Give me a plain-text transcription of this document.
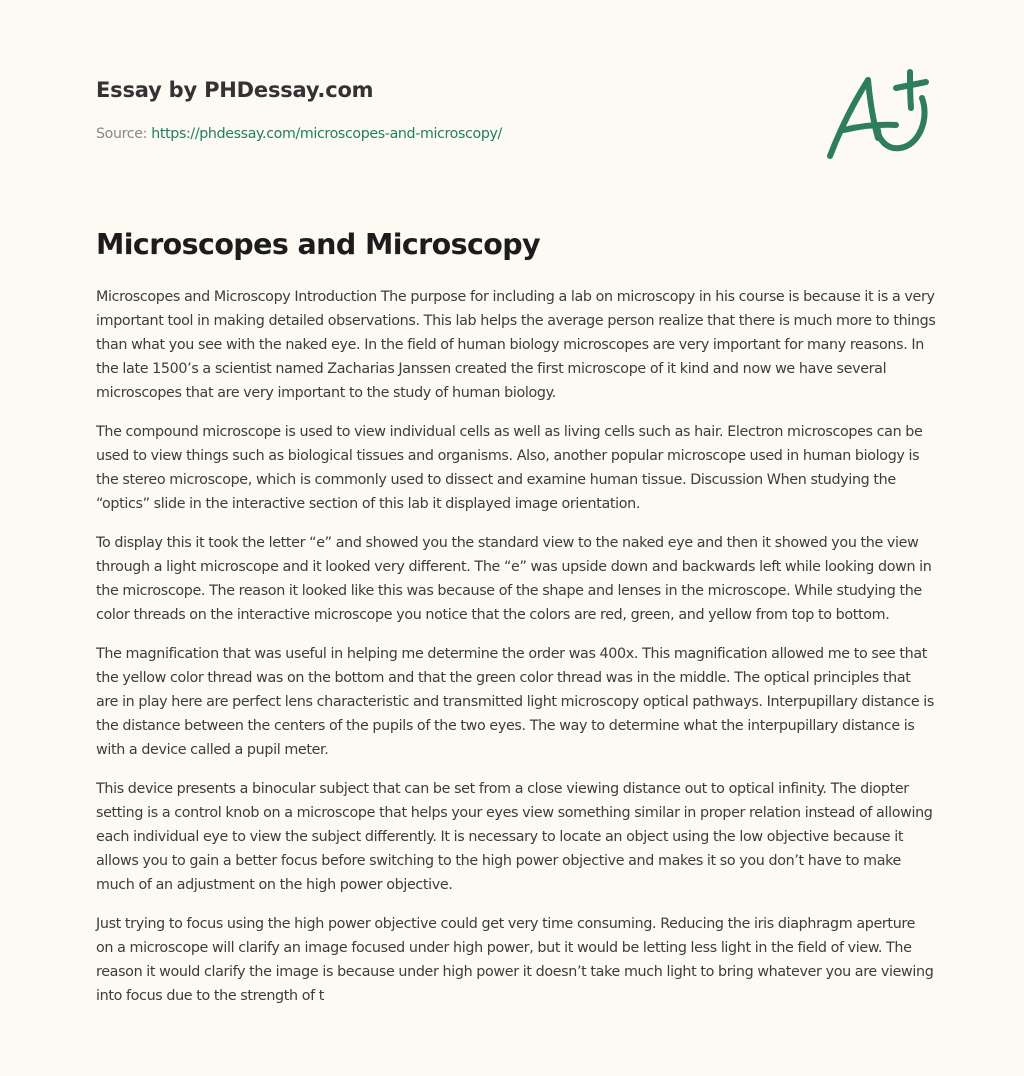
Essay by PHDessay.com
Source: https://phdessay.com/microscopes-and-microscopy/
Microscopes and Microscopy

Microscopes and Microscopy Introduction The purpose for including a lab on microscopy in his course is because it is a very important tool in making detailed observations. This lab helps the average person realize that there is much more to things than what you see with the naked eye. In the field of human biology microscopes are very important for many reasons. In the late 1500’s a scientist named Zacharias Janssen created the first microscope of it kind and now we have several microscopes that are very important to the study of human biology.

The compound microscope is used to view individual cells as well as living cells such as hair. Electron microscopes can be used to view things such as biological tissues and organisms. Also, another popular microscope used in human biology is the stereo microscope, which is commonly used to dissect and examine human tissue. Discussion When studying the “optics” slide in the interactive section of this lab it displayed image orientation.

To display this it took the letter “e” and showed you the standard view to the naked eye and then it showed you the view through a light microscope and it looked very different. The “e” was upside down and backwards left while looking down in the microscope. The reason it looked like this was because of the shape and lenses in the microscope. While studying the color threads on the interactive microscope you notice that the colors are red, green, and yellow from top to bottom.

The magnification that was useful in helping me determine the order was 400x. This magnification allowed me to see that the yellow color thread was on the bottom and that the green color thread was in the middle. The optical principles that are in play here are perfect lens characteristic and transmitted light microscopy optical pathways. Interpupillary distance is the distance between the centers of the pupils of the two eyes. The way to determine what the interpupillary distance is with a device called a pupil meter.

This device presents a binocular subject that can be set from a close viewing distance out to optical infinity. The diopter setting is a control knob on a microscope that helps your eyes view something similar in proper relation instead of allowing each individual eye to view the subject differently. It is necessary to locate an object using the low objective because it allows you to gain a better focus before switching to the high power objective and makes it so you don’t have to make much of an adjustment on the high power objective.

Just trying to focus using the high power objective could get very time consuming. Reducing the iris diaphragm aperture on a microscope will clarify an image focused under high power, but it would be letting less light in the field of view. The reason it would clarify the image is because under high power it doesn’t take much light to bring whatever you are viewing into focus due to the strength of t
